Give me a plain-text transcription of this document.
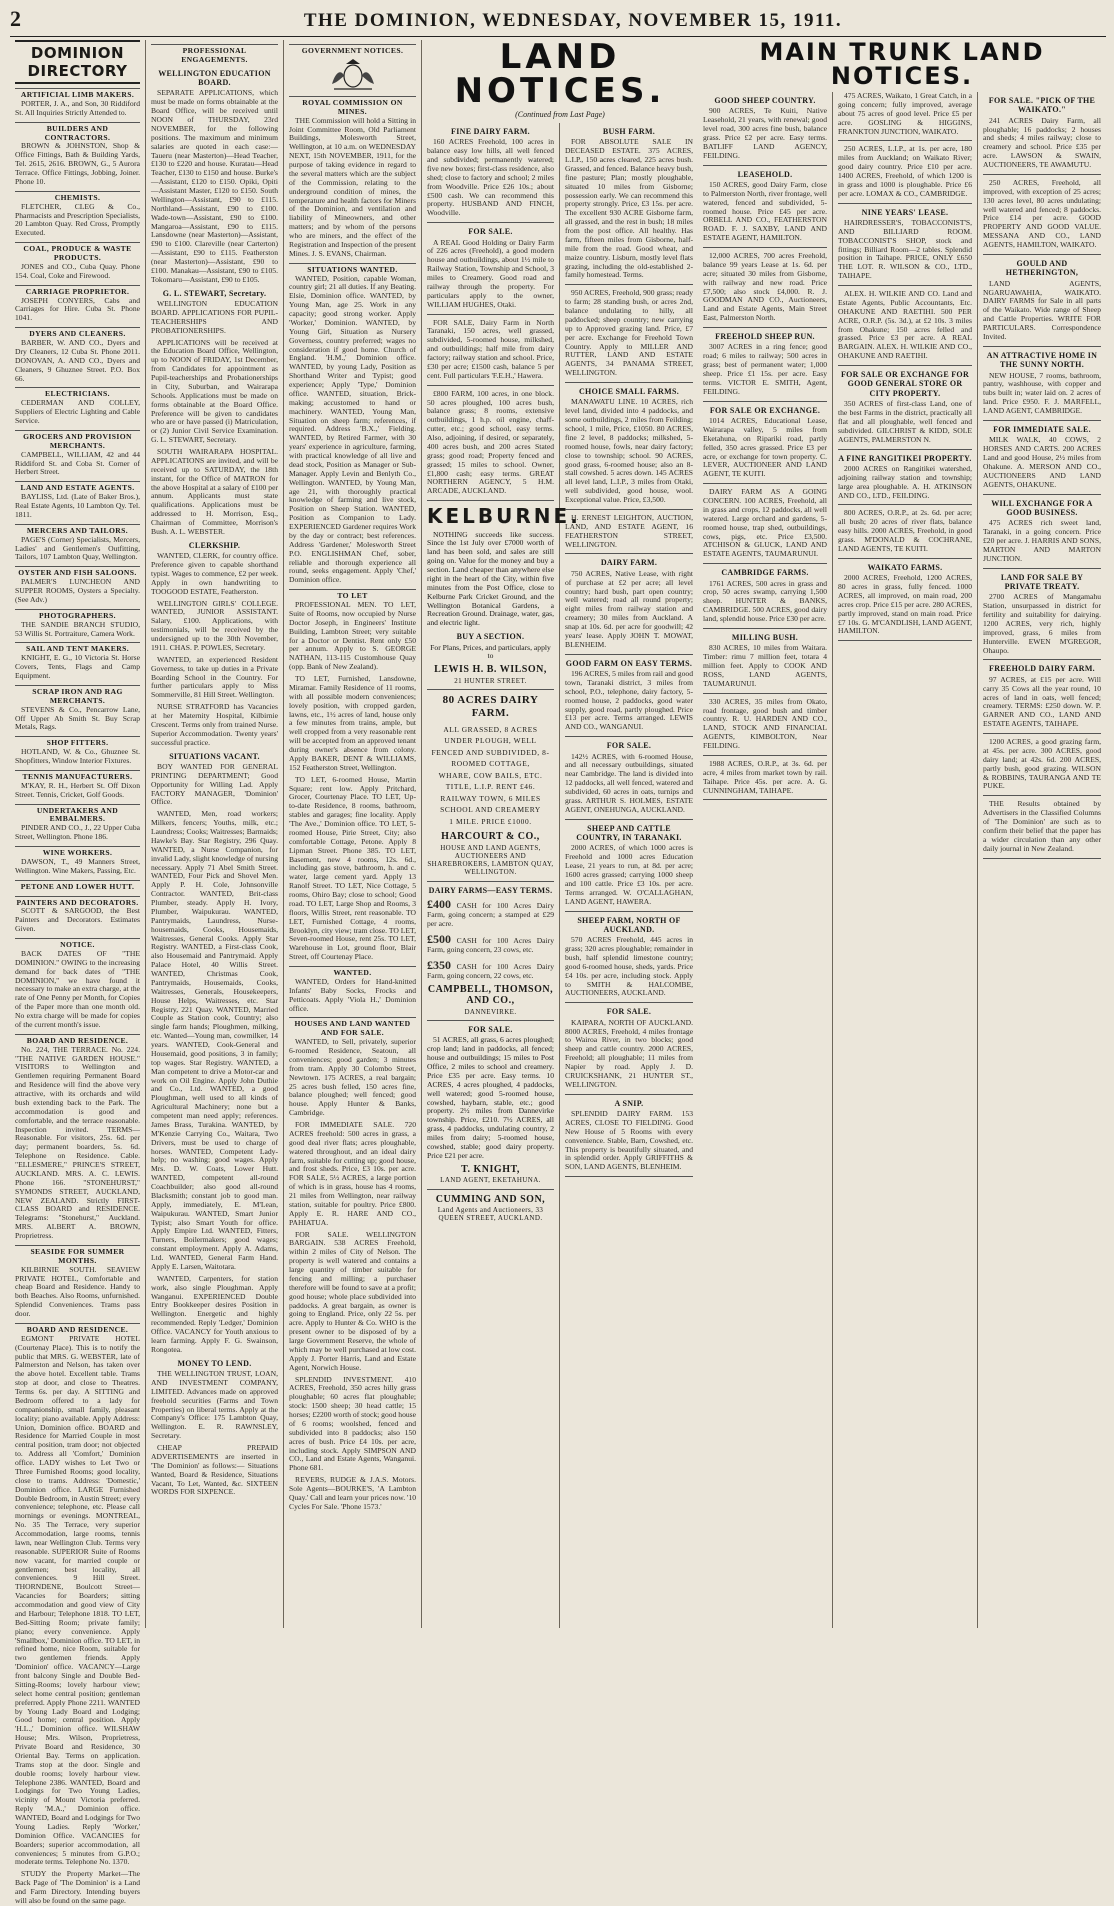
2	THE DOMINION, WEDNESDAY, NOVEMBER 15, 1911.
DOMINION DIRECTORY
ARTIFICIAL LIMB MAKERS.

PORTER, J. A., and Son, 30 Riddiford St. All Inquiries Strictly Attended to.

BUILDERS AND CONTRACTORS.

BROWN & JOHNSTON, Shop & Office Fittings, Bath & Building Yards, Tel. 2615, 2616. BROWN, G., 5 Aurora Terrace. Office Fittings, Jobbing, Joiner. Phone 10.

CHEMISTS.

FLETCHER, CLEG & Co., Pharmacists and Prescription Specialists, 20 Lambton Quay. Red Cross, Promptly Executed.

COAL, PRODUCE & WASTE PRODUCTS.

JONES and CO., Cuba Quay. Phone 154. Coal, Coke and Firewood.

CARRIAGE PROPRIETOR.

JOSEPH CONYERS, Cabs and Carriages for Hire. Cuba St. Phone 1041.

DYERS AND CLEANERS.

BARBER, W. AND CO., Dyers and Dry Cleaners, 12 Cuba St. Phone 2011. DONOVAN, A. AND CO., Dyers and Cleaners, 9 Ghuznee Street. P.O. Box 66.

ELECTRICIANS.

CEDERMAN AND COLLEY, Suppliers of Electric Lighting and Cable Service.

GROCERS AND PROVISION MERCHANTS.

CAMPBELL, WILLIAM, 42 and 44 Riddiford St. and Coba St. Corner of Herbert Street.

LAND AND ESTATE AGENTS.

BAYLISS, Ltd. (Late of Baker Bros.), Real Estate Agents, 10 Lambton Qy. Tel. 1811.

MERCERS AND TAILORS.

PAGE'S (Corner) Specialists, Mercers, Ladies' and Gentlemen's Outfitting, Tailors, 107 Lambton Quay, Wellington.

OYSTER AND FISH SALOONS.

PALMER'S LUNCHEON AND SUPPER ROOMS, Oysters a Specialty. (See Adv.)

PHOTOGRAPHERS.

THE SANDIE BRANCH STUDIO, 53 Willis St. Portraiture, Camera Work.

SAIL AND TENT MAKERS.

KNIGHT, E. G., 10 Victoria St. Horse Covers, Tents, Flags and Camp Equipment.

SCRAP IRON AND RAG MERCHANTS.

STEVENS & Co., Pencarrow Lane, Off Upper Ab Smith St. Buy Scrap Metals, Rags.

SHOP FITTERS.

HOTLAND, W. & Co., Ghuznee St. Shopfitters, Window Interior Fixtures.

TENNIS MANUFACTURERS.

M'KAY, R. H., Herbert St. Off Dixon Street. Tennis, Cricket, Golf Goods.

UNDERTAKERS AND EMBALMERS.

PINDER AND CO., J., 22 Upper Cuba Street, Wellington. Phone 186.

WINE WORKERS.

DAWSON, T., 49 Manners Street, Wellington. Wine Makers, Passing, Etc.

PETONE AND LOWER HUTT.
PAINTERS AND DECORATORS.

SCOTT & SARGOOD, the Best Painters and Decorators. Estimates Given.

NOTICE.

BACK DATES OF "THE DOMINION." OWING to the increasing demand for back dates of "THE DOMINION," we have found it necessary to make an extra charge, at the rate of One Penny per Month, for Copies of the Paper more than one month old. No extra charge will be made for copies of the current month's issue.

BOARD AND RESIDENCE.

No. 224, THE TERRACE. No. 224. "THE NATIVE GARDEN HOUSE." VISITORS to Wellington and Gentlemen requiring Permanent Board and Residence will find the above very attractive, with its orchards and wild bush extending back to the Park. The accommodation is good and comfortable, and the terrace reasonable. Inspection invited. TERMS—Reasonable. For visitors, 25s. 6d. per day; permanent boarders, 5s. 6d. Telephone on Residence. Cable. "ELLESMERE," PRINCE'S STREET, AUCKLAND. MRS. A. C. LEWIS. Phone 166. "STONEHURST," SYMONDS STREET, AUCKLAND, NEW ZEALAND. Strictly FIRST-CLASS BOARD and RESIDENCE. Telegrams: "Stonehurst," Auckland. MRS. ALBERT A. BROWN, Proprietress.

SEASIDE FOR SUMMER MONTHS.

KILBIRNIE SOUTH. SEAVIEW PRIVATE HOTEL, Comfortable and cheap Board and Residence. Handy to both Beaches. Also Rooms, unfurnished. Splendid Conveniences. Trams pass door.

BOARD AND RESIDENCE.

EGMONT PRIVATE HOTEL (Courtenay Place). This is to notify the public that MRS. G. WEBSTER, late of Palmerston and Nelson, has taken over the above hotel. Excellent table. Trams stop at door, and close to Theatres. Terms 6s. per day. A SITTING and Bedroom offered to a lady for companionship, small family, pleasant locality; piano available. Apply Address: Union, Dominion office. BOARD and Residence for Married Couple in most central position, tram door; not objected to. Address all 'Comfort,' Dominion office. LADY wishes to Let Two or Three Furnished Rooms; good locality, close to trams. Address: 'Domestic,' Dominion office. LARGE Furnished Double Bedroom, in Austin Street; every convenience; telephone, etc. Please call mornings or evenings. MONTREAL, No. 35 The Terrace, very superior Accommodation, large rooms, tennis lawn, near Wellington Club. Terms very reasonable. SUPERIOR Suite of Rooms now vacant, for married couple or gentlemen; best locality, all conveniences. 9 Hill Street. THORNDENE, Boulcott Street—Vacancies for Boarders; sitting accommodation and good view of City and Harbour; Telephone 1818. TO LET, Bed-Sitting Room; private family; piano; every convenience. Apply 'Smallbox,' Dominion office. TO LET, in refined home, nice Room, suitable for two gentlemen friends. Apply 'Dominion' office. VACANCY—Large front balcony Single and Double Bed-Sitting-Rooms; lovely harbour view; select home central position; gentleman preferred. Apply Phone 2211. WANTED by Young Lady Board and Lodging; Good home; central position. Apply 'H.L.,' Dominion office. WILSHAW House; Mrs. Wilson, Proprietress, Private Board and Residence, 30 Oriental Bay. Terms on application. Trams stop at the door. Single and double rooms; lovely harbour view. Telephone 2386. WANTED, Board and Lodgings for Two Young Ladies, vicinity of Mount Victoria preferred. Reply 'M.A.,' Dominion office. WANTED, Board and Lodgings for Two Young Ladies. Reply 'Worker,' Dominion Office. VACANCIES for Boarders; superior accommodation, all conveniences; 5 minutes from G.P.O.; moderate terms. Telephone No. 1370.

STUDY the Property Market—The Back Page of 'The Dominion' is a Land and Farm Directory. Intending buyers will also be found on the same page.

PROFESSIONAL ENGAGEMENTS.
WELLINGTON EDUCATION BOARD.

SEPARATE APPLICATIONS, which must be made on forms obtainable at the Board Office, will be received until NOON of THURSDAY, 23rd NOVEMBER, for the following positions. The maximum and minimum salaries are quoted in each case:— Taueru (near Masterton)—Head Teacher, £130 to £220 and house. Kuratau—Head Teacher, £130 to £150 and house. Burke's—Assistant, £120 to £150. Opiki, Opiti—Assistant Master, £120 to £150. South Wellington—Assistant, £90 to £115. Northland—Assistant, £90 to £100. Wade-town—Assistant, £90 to £100. Mangaroa—Assistant, £90 to £115. Lansdowne (near Masterton)—Assistant, £90 to £100. Clareville (near Carterton)—Assistant, £90 to £115. Featherston (near Masterton)—Assistant, £90 to £100. Manakau—Assistant, £90 to £105. Tokomaru—Assistant, £90 to £105.

G. L. STEWART, Secretary.

WELLINGTON EDUCATION BOARD. APPLICATIONS FOR PUPIL-TEACHERSHIPS AND PROBATIONERSHIPS.

APPLICATIONS will be received at the Education Board Office, Wellington, up to NOON of FRIDAY, 1st December, from Candidates for appointment as Pupil-teacherships and Probationerships in City, Suburban, and Wairarapa Schools. Applications must be made on forms obtainable at the Board Office. Preference will be given to candidates who are or have passed (i) Matriculation, or (2) Junior Civil Service Examination. G. L. STEWART, Secretary.

SOUTH WAIRARAPA HOSPITAL. APPLICATIONS are invited, and will be received up to SATURDAY, the 18th instant, for the Office of MATRON for the above Hospital at a salary of £100 per annum. Applicants must state qualifications. Applications must be addressed to H. Morrison, Esq., Chairman of Committee, Morrison's Bush. A. L. WEBSTER.

CLERKSHIP.

WANTED, CLERK, for country office. Preference given to capable shorthand typist. Wages to commence, £2 per week. Apply in own handwriting to TOOGOOD ESTATE, Featherston.

WELLINGTON GIRLS' COLLEGE. WANTED, JUNIOR ASSISTANT. Salary, £100. Applications, with testimonials, will be received by the undersigned up to the 30th November, 1911. CHAS. P. POWLES, Secretary.

WANTED, an experienced Resident Governess, to take up duties in a Private Boarding School in the Country. For further particulars apply to Miss Sommerville, 81 Hill Street. Wellington.

NURSE STRATFORD has Vacancies at her Maternity Hospital, Kilbirnie Crescent. Terms only from trained Nurse. Superior Accommodation. Twenty years' successful practice.

SITUATIONS VACANT.

BOY WANTED FOR GENERAL PRINTING DEPARTMENT; Good Opportunity for Willing Lad. Apply FACTORY MANAGER, 'Dominion' Office.

WANTED, Men, road workers; Milkers, fencers; Youths, milk, etc.; Laundress; Cooks; Waitresses; Barmaids; Hawke's Bay. Star Registry, 296 Quay. WANTED, a Nurse Companion, for invalid Lady, slight knowledge of nursing necessary. Apply 71 Abel Smith Street. WANTED, Four Pick and Shovel Men. Apply P. H. Cole, Johnsonville Contractor. WANTED, Brit-class Plumber, steady. Apply H. Ivory, Plumber, Waipukurau. WANTED, Pantrymaids, Laundress, Nurse-housemaids, Cooks, Housemaids, Waitresses, General Cooks. Apply Star Registry. WANTED, a First-class Cook, also Housemaid and Pantrymaid. Apply Palace Hotel, 40 Willis Street. WANTED, Christmas Cook, Pantrymaids, Housemaids, Cooks, Waitresses, Generals, Housekeepers, House Helps, Waitresses, etc. Star Registry, 221 Quay. WANTED, Married Couple as Station cook, Country; also single farm hands; Ploughmen, milking, etc. Wanted—Young man, cowmilker, 14 years. WANTED, Cook-General and Housemaid, good positions, 3 in family; top wages. Star Registry. WANTED, a Man competent to drive a Motor-car and work on Oil Engine. Apply John Duthie and Co., Ltd. WANTED, a good Ploughman, well used to all kinds of Agricultural Machinery; none but a competent man need apply; references. James Brass, Turakina. WANTED, by M'Kenzie Carrying Co., Waitara, Two Drivers, must be used to charge of horses. WANTED, Competent Lady-help; no washing; good wages. Apply Mrs. D. W. Coats, Lower Hutt. WANTED, competent all-round Coachbuilder; also good all-round Blacksmith; constant job to good man. Apply, immediately, E. M'Lean, Waipukurau. WANTED, Smart Junior Typist; also Smart Youth for office. Apply Empire Ltd. WANTED, Fitters, Turners, Boilermakers; good wages; constant employment. Apply A. Adams, Ltd. WANTED, General Farm Hand. Apply E. Larsen, Waitotara.

WANTED, Carpenters, for station work, also single Ploughman. Apply Wanganui. EXPERIENCED Double Entry Bookkeeper desires Position in Wellington. Energetic and highly recommended. Reply 'Ledger,' Dominion Office. VACANCY for Youth anxious to learn farming. Apply F. G. Swainson, Rongotea.

MONEY TO LEND.

THE WELLINGTON TRUST, LOAN, AND INVESTMENT COMPANY, LIMITED. Advances made on approved freehold securities (Farms and Town Properties) on liberal terms. Apply at the Company's Office: 175 Lambton Quay, Wellington. E. R. RAWNSLEY, Secretary.

CHEAP PREPAID ADVERTISEMENTS are inserted in 'The Dominion' as follows:— Situations Wanted, Board & Residence, Situations Vacant, To Let, Wanted, &c. SIXTEEN WORDS FOR SIXPENCE.

GOVERNMENT NOTICES.
ROYAL COMMISSION ON MINES.

THE Commission will hold a Sitting in Joint Committee Room, Old Parliament Buildings, Molesworth Street, Wellington, at 10 a.m. on WEDNESDAY NEXT, 15th NOVEMBER, 1911, for the purpose of taking evidence in regard to the several matters which are the subject of the Commission, relating to the underground condition of mines, the temperature and health factors for Miners of the Dominion, and ventilation and liability of Mineowners, and other matters; and by whom of the persons who are miners, and the effect of the Registration and Inspection of the present Mines. J. S. EVANS, Chairman.

SITUATIONS WANTED.

WANTED, Position, capable Woman, country girl; 21 all duties. If any Beating. Elsie, Dominion office. WANTED, by Young Man, age 25. Work in any capacity; good strong worker. Apply 'Worker,' Dominion. WANTED, by Young Girl, Situation as Nursery Governess, country preferred; wages no consideration if good home. Church of England. 'H.M.,' Dominion office. WANTED, by young Lady, Position as Shorthand Writer and Typist; good experience; Apply 'Type,' Dominion office. WANTED, situation, Brick-making; accustomed to hand or machinery. WANTED, Young Man, Situation on sheep farm; references, if required. Address 'B.X.,' Fielding. WANTED, by Retired Farmer, with 30 years' experience in agriculture, farming, with practical knowledge of all live and dead stock, Position as Manager or Sub-Manager. Apply Levin and Benlyth Co., Wellington. WANTED, by Young Man, age 21, with thoroughly practical knowledge of farming and live stock, Position on Sheep Station. WANTED, Position as Companion to Lady. EXPERIENCED Gardener requires Work by the day or contract; best references. Address 'Gardener,' Molesworth Street P.O. ENGLISHMAN Chef, sober, reliable and thorough experience all round, seeks engagement. Apply 'Chef,' Dominion office.

TO LET

PROFESSIONAL MEN. TO LET, Suite of Rooms, now occupied by Nurse Doctor Joseph, in Engineers' Institute Building, Lambton Street; very suitable for a Doctor or Dentist. Rent only £50 per annum. Apply to S. GEORGE NATHAN, 113-115 Customhouse Quay (opp. Bank of New Zealand).

TO LET, Furnished, Lansdowne, Miramar. Family Residence of 11 rooms, with all possible modern conveniences; lovely position, with cropped garden, lawns, etc., 1½ acres of land, house only a few minutes from trains, ample, but well cropped from a very reasonable rent will be accepted from an approved tenant during owner's absence from colony. Apply BAKER, DENT & WILLIAMS, 152 Featherston Street, Wellington.

TO LET, 6-roomed House, Martin Square; rent low. Apply Pritchard, Grocer, Courtenay Place. TO LET, Up-to-date Residence, 8 rooms, bathroom, stables and garages; fine locality. Apply 'The Ave.,' Dominion office. TO LET, 5-roomed House, Pirie Street, City; also comfortable Cottage, Petone. Apply 8 Lipman Street. Phone 385. TO LET, Basement, new 4 rooms, 12s. 6d., including gas stove, bathroom, h. and c. water, large cement yard. Apply 13 Ranolf Street. TO LET, Nice Cottage, 5 rooms, Ohiro Bay; close to school; Good road. TO LET, Large Shop and Rooms, 3 floors, Willis Street, rent reasonable. TO LET, Furnished Cottage, 4 rooms, Brooklyn, city view; tram close. TO LET, Seven-roomed House, rent 25s. TO LET, Warehouse in Lot, ground floor, Blair Street, off Courtenay Place.

WANTED.

WANTED, Orders for Hand-knitted Infants' Baby Socks, Frocks and Petticoats. Apply 'Viola H.,' Dominion office.

HOUSES AND LAND WANTED AND FOR SALE.

WANTED, to Sell, privately, superior 6-roomed Residence, Seatoun, all conveniences; good garden; 3 minutes from tram. Apply 30 Colombo Street, Newtown. 175 ACRES, a real bargain; 25 acres bush felled, 150 acres fine, balance ploughed; well fenced; good house. Apply Hunter & Banks, Cambridge.

FOR IMMEDIATE SALE. 720 ACRES freehold: 500 acres in grass, a good deal river flats; acres ploughable, watered throughout, and an ideal dairy farm, suitable for cutting up; good house, and frost sheds. Price, £3 10s. per acre. FOR SALE, 5½ ACRES, a large portion of which is in grass, house has 4 rooms, 21 miles from Wellington, near railway station, suitable for poultry. Price £800. Apply E. R. HARE AND CO., PAHIATUA.

FOR SALE. WELLINGTON BARGAIN. 538 ACRES Freehold, within 2 miles of City of Nelson. The property is well watered and contains a large quantity of timber suitable for fencing and milling; a purchaser therefore will be found to save at a profit; good house; whole place subdivided into paddocks. A great bargain, as owner is going to England. Price, only 22 5s. per acre. Apply to Hunter & Co. WHO is the present owner to be disposed of by a large Government Reserve, the whole of which may be well purchased at low cost. Apply J. Porter Harris, Land and Estate Agent, Norwich House.

SPLENDID INVESTMENT. 410 ACRES, Freehold, 350 acres hilly grass ploughable; 60 acres flat ploughable; stock: 1500 sheep; 30 head cattle; 15 horses; £2200 worth of stock; good house of 6 rooms; woolshed, fenced and subdivided into 8 paddocks; also 150 acres of bush. Price £4 10s. per acre, including stock. Apply SIMPSON AND CO., Land and Estate Agents, Wanganui. Phone 681.

REVERS, RUDGE & J.A.S. Motors. Sole Agents—BOURKE'S, 'A Lambton Quay.' Call and learn your prices now. '10 Cycles For Sale. 'Phone 1573.'

LAND NOTICES.
(Continued from Last Page)
FINE DAIRY FARM.

160 ACRES Freehold, 100 acres in balance easy low hills, all well fenced and subdivided; permanently watered; five new boxes; first-class residence, also shed; close to factory and school; 2 miles from Woodville. Price £26 10s.; about £500 cash. We can recommend this property. HUSBAND AND FINCH, Woodville.

FOR SALE.

A REAL Good Holding or Dairy Farm of 226 acres (Freehold), a good modern house and outbuildings, about 1½ mile to Railway Station, Township and School, 3 miles to Creamery. Good road and railway through the property. For particulars apply to the owner, WILLIAM HUGHES, Otaki.

FOR SALE, Dairy Farm in North Taranaki, 150 acres, well grassed, subdivided, 5-roomed house, milkshed, and outbuildings; half mile from dairy factory; railway station and school. Price, £30 per acre; £1500 cash, balance 5 per cent. Full particulars 'F.E.H.,' Hawera.

£800 FARM, 100 acres, in one block. 50 acres ploughed, 100 acres bush, balance grass; 8 rooms, extensive outbuildings, 1 h.p. oil engine, chaff-cutter, etc.; good school, easy terms. Also, adjoining, if desired, or separately, 400 acres bush, and 200 acres Stated grass; good road; Property fenced and grassed; 15 miles to school. Owner, £1,800 cash; easy terms. GREAT NORTHERN AGENCY, 5 H.M. ARCADE, AUCKLAND.

KELBURNE.

NOTHING succeeds like success. Since the 1st July over £7000 worth of land has been sold, and sales are still going on. Value for the money and buy a section. Land cheaper than anywhere else right in the heart of the City, within five minutes from the Post Office, close to Kelburne Park Cricket Ground, and the Wellington Botanical Gardens, a Recreation Ground. Drainage, water, gas, and electric light.

BUY A SECTION.

For Plans, Prices, and particulars, apply to

LEWIS H. B. WILSON,
21 HUNTER STREET.
80 ACRES DAIRY FARM.
ALL GRASSED, 8 ACRES
UNDER PLOUGH, WELL
FENCED AND SUBDIVIDED, 8-ROOMED COTTAGE,
WHARE, COW BAILS, ETC.
TITLE, L.I.P. RENT £46.
RAILWAY TOWN, 6 MILES
SCHOOL AND CREAMERY
1 MILE. PRICE £1000.
HARCOURT & CO.,
HOUSE AND LAND AGENTS, AUCTIONEERS AND SHAREBROKERS, LAMBTON QUAY, WELLINGTON.
DAIRY FARMS—EASY TERMS.

£400 CASH for 100 Acres Dairy Farm, going concern; a stamped at £29 per acre.

£500 CASH for 100 Acres Dairy Farm, going concern, 23 cows, etc.

£350 CASH for 100 Acres Dairy Farm, going concern, 22 cows, etc.

CAMPBELL, THOMSON, AND CO.,
DANNEVIRKE.
FOR SALE.

51 ACRES, all grass, 6 acres ploughed; crop land; land in paddocks, all fenced; house and outbuildings; 15 miles to Post Office, 2 miles to school and creamery. Price £35 per acre. Easy terms. 10 ACRES, 4 acres ploughed, 4 paddocks, well watered; good 5-roomed house, cowshed, haybarn, stable, etc.; good property. 2½ miles from Dannevirke township. Price, £210. 7½ ACRES, all grass, 4 paddocks, undulating country, 2 miles from dairy; 5-roomed house, cowshed, stable; good dairy property. Price £21 per acre.

T. KNIGHT,
LAND AGENT, EKETAHUNA.
CUMMING AND SON,
Land Agents and Auctioneers, 33 QUEEN STREET, AUCKLAND.
BUSH FARM.

FOR ABSOLUTE SALE IN DECEASED ESTATE. 375 ACRES, L.I.P., 150 acres cleared, 225 acres bush. Grassed, and fenced. Balance heavy bush, fine pasture; Plan; mostly ploughable, situated 10 miles from Gisborne; possession early. We can recommend this property strongly. Price, £3 15s. per acre. The excellent 930 ACRE Gisborne farm, all grassed, and the rest in bush; 18 miles from the post office. All healthy. Has farm, fifteen miles from Gisborne, half-mile from the road. Good wheat, and maize country. Lisburn, mostly level flats grazing, including the old-established 2-family homestead. Terms.

950 ACRES, Freehold, 900 grass; ready to farm; 28 standing bush, or acres 2nd, balance undulating to hilly, all paddocked; sheep country; new carrying up to Approved grazing land. Price, £7 per acre. Exchange for Freehold Town Country. Apply to MILLER AND RUTTER, LAND AND ESTATE AGENTS, 34 PANAMA STREET, WELLINGTON.

CHOICE SMALL FARMS.

MANAWATU LINE. 10 ACRES, rich level land, divided into 4 paddocks, and some outbuildings, 2 miles from Feilding; school, 1 mile, Price, £1050. 80 ACRES, fine 2 level, 8 paddocks; milkshed, 5-roomed house, fowls, near dairy factory; close to township; school. 90 ACRES, good grass, 6-roomed house; also an 8-stall cowshed. 5 acres down. 145 ACRES all level land, L.I.P., 3 miles from Otaki, well subdivided, good house, wool. Exceptional value. Price, £3,500.

H. ERNEST LEIGHTON, AUCTION, LAND, AND ESTATE AGENT, 16 FEATHERSTON STREET, WELLINGTON.

DAIRY FARM.

750 ACRES, Native Lease, with right of purchase at £2 per acre; all level country; hard bush, part open country; well watered; road all round property; eight miles from railway station and creamery; 30 miles from Auckland. A snap at 10s. 6d. per acre for goodwill; 42 years' lease. Apply JOHN T. MOWAT, BLENHEIM.

GOOD FARM ON EASY TERMS.

196 ACRES, 5 miles from rail and good town, Taranaki district, 3 miles from school, P.O., telephone, dairy factory, 5-roomed house, 2 paddocks, good water supply, good road, partly ploughed. Price £13 per acre. Terms arranged. LEWIS AND CO., WANGANUI.

FOR SALE.

142½ ACRES, with 6-roomed House, and all necessary outbuildings, situated near Cambridge. The land is divided into 12 paddocks, all well fenced, watered and subdivided, 60 acres in oats, turnips and grass. ARTHUR S. HOLMES, ESTATE AGENT, ONEHUNGA, AUCKLAND.

SHEEP AND CATTLE COUNTRY, IN TARANAKI.

2000 ACRES, of which 1000 acres is Freehold and 1000 acres Education Lease, 21 years to run, at 8d. per acre; 1600 acres grassed; carrying 1000 sheep and 100 cattle. Price £3 10s. per acre. Terms arranged. W. O'CALLAGHAN, LAND AGENT, HAWERA.

SHEEP FARM, NORTH OF AUCKLAND.

570 ACRES Freehold, 445 acres in grass; 320 acres ploughable; remainder in bush, half splendid limestone country; good 6-roomed house, sheds, yards. Price £4 10s. per acre, including stock. Apply to SMITH & HALCOMBE, AUCTIONEERS, AUCKLAND.

FOR SALE.

KAIPARA, NORTH OF AUCKLAND. 8000 ACRES, Freehold, 4 miles frontage to Wairoa River, in two blocks; good sheep and cattle country. 2000 ACRES, Freehold; all ploughable; 11 miles from Napier by road. Apply J. D. CRUICKSHANK, 21 HUNTER ST., WELLINGTON.

A SNIP.

SPLENDID DAIRY FARM. 153 ACRES, CLOSE TO FIELDING. Good New House of 5 Rooms with every convenience. Stable, Barn, Cowshed, etc. This property is beautifully situated, and in splendid order. Apply GRIFFITHS & SON, LAND AGENTS, BLENHEIM.

MAIN TRUNK LAND NOTICES.
GOOD SHEEP COUNTRY.

900 ACRES, Te Kuiti, Native Leasehold, 21 years, with renewal; good level road, 300 acres fine bush, balance grass. Price £2 per acre. Easy terms. BATLIFF LAND AGENCY, FEILDING.

LEASEHOLD.

150 ACRES, good Dairy Farm, close to Palmerston North, river frontage, well watered, fenced and subdivided, 5-roomed house. Price £45 per acre. ORBELL AND CO., FEATHERSTON ROAD. F. J. SAXBY, LAND AND ESTATE AGENT, HAMILTON.

12,000 ACRES, 700 acres Freehold, balance 99 years Lease at 1s. 6d. per acre; situated 30 miles from Gisborne, with railway and new road. Price £7,500; also stock £4,000. R. J. GOODMAN AND CO., Auctioneers, Land and Estate Agents, Main Street East, Palmerston North.

FREEHOLD SHEEP RUN.

3007 ACRES in a ring fence; good road; 6 miles to railway; 500 acres in grass; best of permanent water; 1,000 sheep. Price £1 15s. per acre. Easy terms. VICTOR E. SMITH, Agent, FEILDING.

FOR SALE OR EXCHANGE.

1014 ACRES, Educational Lease, Wairarapa valley, 5 miles from Eketahuna, on Ripariki road, partly felled, 350 acres grassed. Price £3 per acre, or exchange for town property. C. LEVER, AUCTIONEER AND LAND AGENT, TE KUITI.

DAIRY FARM AS A GOING CONCERN. 100 ACRES, Freehold, all in grass and crops, 12 paddocks, all well watered. Large orchard and gardens, 5-roomed house, trap shed, outbuildings, cows, pigs, etc. Price £3,500. ATCHISON & GLUCK, LAND AND ESTATE AGENTS, TAUMARUNUI.

CAMBRIDGE FARMS.

1761 ACRES, 500 acres in grass and crop, 50 acres swamp, carrying 1,500 sheep. HUNTER & BANKS, CAMBRIDGE. 500 ACRES, good dairy land, splendid house. Price £30 per acre.

MILLING BUSH.

830 ACRES, 10 miles from Waitara. Timber: rimu 7 million feet, totara 4 million feet. Apply to COOK AND ROSS, LAND AGENTS, TAUMARUNUI.

330 ACRES, 35 miles from Okato, road frontage, good bush and timber country. R. U. HARDEN AND CO., LAND, STOCK AND FINANCIAL AGENTS, KIMBOLTON, Near FEILDING.

1988 ACRES, O.R.P., at 3s. 6d. per acre, 4 miles from market town by rail. Taihape. Price 45s. per acre. A. G. CUNNINGHAM, TAIHAPE.

475 ACRES, Waikato, 1 Great Catch, in a going concern; fully improved, average about 75 acres of good level. Price £5 per acre. GOSLING & HIGGINS, FRANKTON JUNCTION, WAIKATO.

250 ACRES, L.I.P., at 1s. per acre, 180 miles from Auckland; on Waikato River; good dairy country. Price £10 per acre. 1400 ACRES, Freehold, of which 1200 is in grass and 1000 is ploughable. Price £6 per acre. LOMAX & CO., CAMBRIDGE.

NINE YEARS' LEASE.

HAIRDRESSER'S, TOBACCONIST'S, AND BILLIARD ROOM. TOBACCONIST'S SHOP, stock and fittings; Billiard Room—2 tables. Splendid position in Taihape. PRICE, ONLY £650 THE LOT. R. WILSON & CO., LTD., TAIHAPE.

ALEX. H. WILKIE AND CO. Land and Estate Agents, Public Accountants, Etc. OHAKUNE AND RAETIHI. 500 PER ACRE, O.R.P. (5s. 3d.), at £2 10s. 3 miles from Ohakune; 150 acres felled and grassed. Price £3 per acre. A REAL BARGAIN. ALEX. H. WILKIE AND CO., OHAKUNE AND RAETIHI.

FOR SALE OR EXCHANGE FOR GOOD GENERAL STORE OR CITY PROPERTY.

350 ACRES of first-class Land, one of the best Farms in the district, practically all flat and all ploughable, well fenced and subdivided. GILCHRIST & KIDD, SOLE AGENTS, PALMERSTON N.

A FINE RANGITIKEI PROPERTY.

2000 ACRES on Rangitikei watershed, adjoining railway station and township; large area ploughable. A. H. ATKINSON AND CO., LTD., FEILDING.

800 ACRES, O.R.P., at 2s. 6d. per acre; all bush; 20 acres of river flats, balance easy hills. 2000 ACRES, Freehold, in good grass. M'DONALD & COCHRANE, LAND AGENTS, TE KUITI.

WAIKATO FARMS.

2000 ACRES, Freehold, 1200 ACRES, 80 acres in grass, fully fenced. 1000 ACRES, all improved, on main road, 200 acres crop. Price £15 per acre. 280 ACRES, partly improved, stand on main road. Price £7 10s. G. M'CANDLISH, LAND AGENT, HAMILTON.

FOR SALE. "PICK OF THE WAIKATO."

241 ACRES Dairy Farm, all ploughable; 16 paddocks; 2 houses and sheds; 4 miles railway; close to creamery and school. Price £35 per acre. LAWSON & SWAIN, AUCTIONEERS, TE AWAMUTU.

250 ACRES, Freehold, all improved, with exception of 25 acres; 130 acres level, 80 acres undulating; well watered and fenced; 8 paddocks. Price £14 per acre. GOOD PROPERTY AND GOOD VALUE. MESSANA AND CO., LAND AGENTS, HAMILTON, WAIKATO.

GOULD AND HETHERINGTON,

LAND AGENTS, NGARUAWAHIA, WAIKATO. DAIRY FARMS for Sale in all parts of the Waikato. Wide range of Sheep and Cattle Properties. WRITE FOR PARTICULARS. Correspondence Invited.

AN ATTRACTIVE HOME IN THE SUNNY NORTH.

NEW HOUSE, 7 rooms, bathroom, pantry, washhouse, with copper and tubs built in; water laid on. 2 acres of land. Price £950. F. J. MARFELL, LAND AGENT, CAMBRIDGE.

FOR IMMEDIATE SALE.

MILK WALK, 40 COWS, 2 HORSES AND CARTS. 200 ACRES Land and good House, 2½ miles from Ohakune. A. MERSON AND CO., AUCTIONEERS AND LAND AGENTS, OHAKUNE.

WILL EXCHANGE FOR A GOOD BUSINESS.

475 ACRES rich sweet land, Taranaki, in a going concern. Price £20 per acre. J. HARRIS AND SONS, MARTON AND MARTON JUNCTION.

LAND FOR SALE BY PRIVATE TREATY.

2700 ACRES of Mangamahu Station, unsurpassed in district for fertility and suitability for dairying. 1200 ACRES, very rich, highly improved, grass, 6 miles from Hunterville. EWEN M'GREGOR, Ohaupo.

FREEHOLD DAIRY FARM.

97 ACRES, at £15 per acre. Will carry 35 Cows all the year round, 10 acres of land in oats, well fenced; creamery. TERMS: £250 down. W. P. GARNER AND CO., LAND AND ESTATE AGENTS, TAIHAPE.

1200 ACRES, a good grazing farm, at 45s. per acre. 300 ACRES, good dairy land; at 42s. 6d. 200 ACRES, partly bush, good grazing. WILSON & ROBBINS, TAURANGA AND TE PUKE.

THE Results obtained by Advertisers in the Classified Columns of 'The Dominion' are such as to confirm their belief that the paper has a wider circulation than any other daily journal in New Zealand.
